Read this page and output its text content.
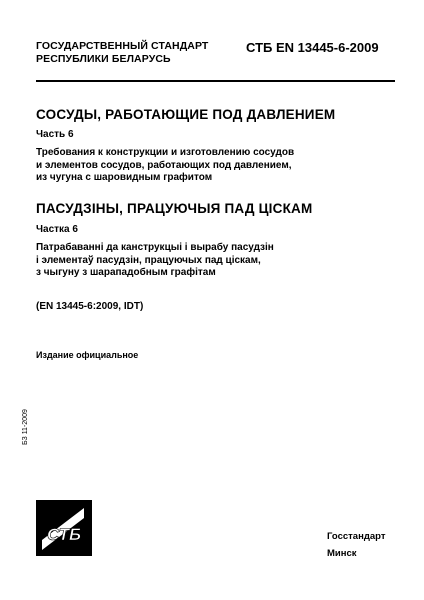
ГОСУДАРСТВЕННЫЙ СТАНДАРТ
РЕСПУБЛИКИ БЕЛАРУСЬ
СТБ EN 13445-6-2009
СОСУДЫ, РАБОТАЮЩИЕ ПОД ДАВЛЕНИЕМ
Часть 6
Требования к конструкции и изготовлению сосудов
и элементов сосудов, работающих под давлением,
из чугуна с шаровидным графитом
ПАСУДЗІНЫ, ПРАЦУЮЧЫЯ ПАД ЦІСКАМ
Частка 6
Патрабаванні да канструкцыі і вырабу пасудзін
і элементаў пасудзін, працуючых пад ціскам,
з чыгуну з шарападобным графітам
(EN 13445-6:2009, IDT)
Издание официальное
БЗ 11-2009
СТБ	Госстандарт
Минск
